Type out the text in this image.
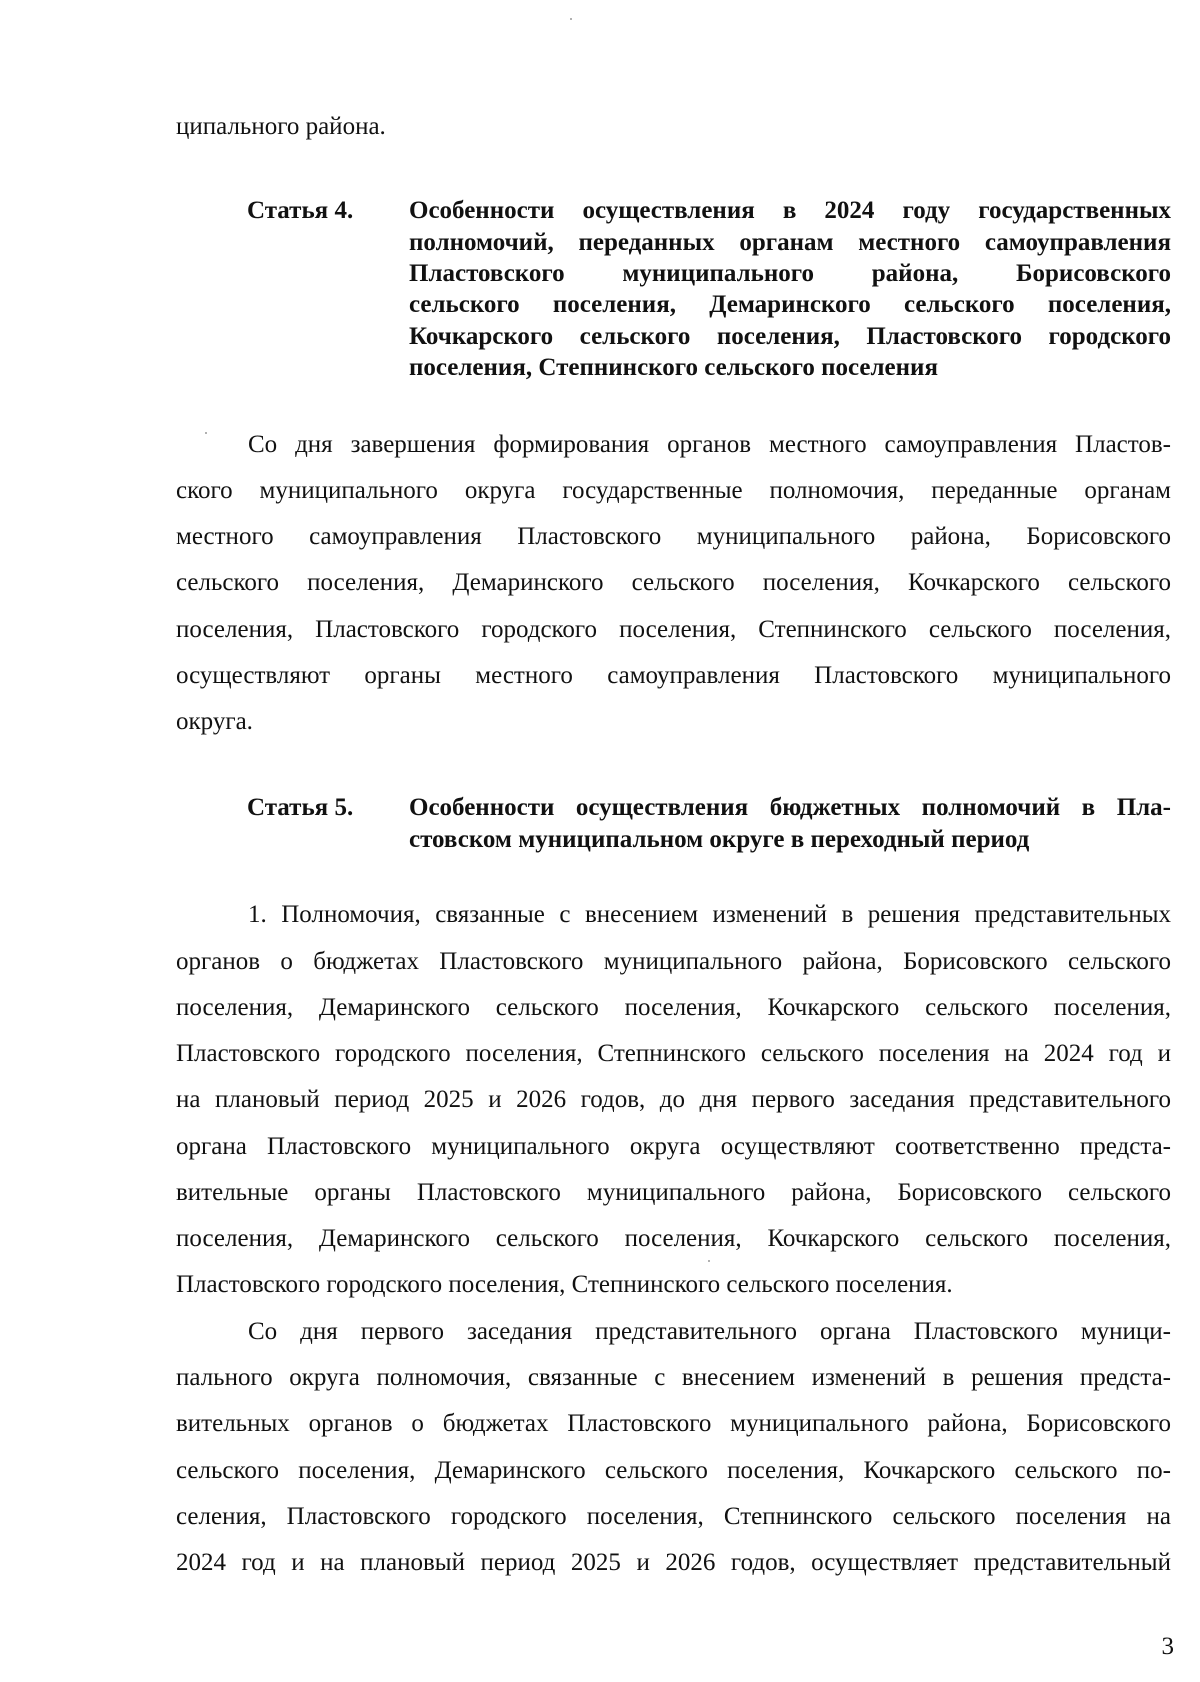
ципального района.
Статья 4. Особенности осуществления в 2024 году государственных
полномочий, переданных органам местного самоуправления
Пластовского муниципального района, Борисовского
сельского поселения, Демаринского сельского поселения,
Кочкарского сельского поселения, Пластовского городского
поселения, Степнинского сельского поселения
Со дня завершения формирования органов местного самоуправления Пластов-
ского муниципального округа государственные полномочия, переданные органам
местного самоуправления Пластовского муниципального района, Борисовского
сельского поселения, Демаринского сельского поселения, Кочкарского сельского
поселения, Пластовского городского поселения, Степнинского сельского поселения,
осуществляют органы местного самоуправления Пластовского муниципального
округа.
Статья 5. Особенности осуществления бюджетных полномочий в Пла-
стовском муниципальном округе в переходный период
1. Полномочия, связанные с внесением изменений в решения представительных
органов о бюджетах Пластовского муниципального района, Борисовского сельского
поселения, Демаринского сельского поселения, Кочкарского сельского поселения,
Пластовского городского поселения, Степнинского сельского поселения на 2024 год и
на плановый период 2025 и 2026 годов, до дня первого заседания представительного
органа Пластовского муниципального округа осуществляют соответственно предста-
вительные органы Пластовского муниципального района, Борисовского сельского
поселения, Демаринского сельского поселения, Кочкарского сельского поселения,
Пластовского городского поселения, Степнинского сельского поселения.
Со дня первого заседания представительного органа Пластовского муници-
пального округа полномочия, связанные с внесением изменений в решения предста-
вительных органов о бюджетах Пластовского муниципального района, Борисовского
сельского поселения, Демаринского сельского поселения, Кочкарского сельского по-
селения, Пластовского городского поселения, Степнинского сельского поселения на
2024 год и на плановый период 2025 и 2026 годов, осуществляет представительный
3
